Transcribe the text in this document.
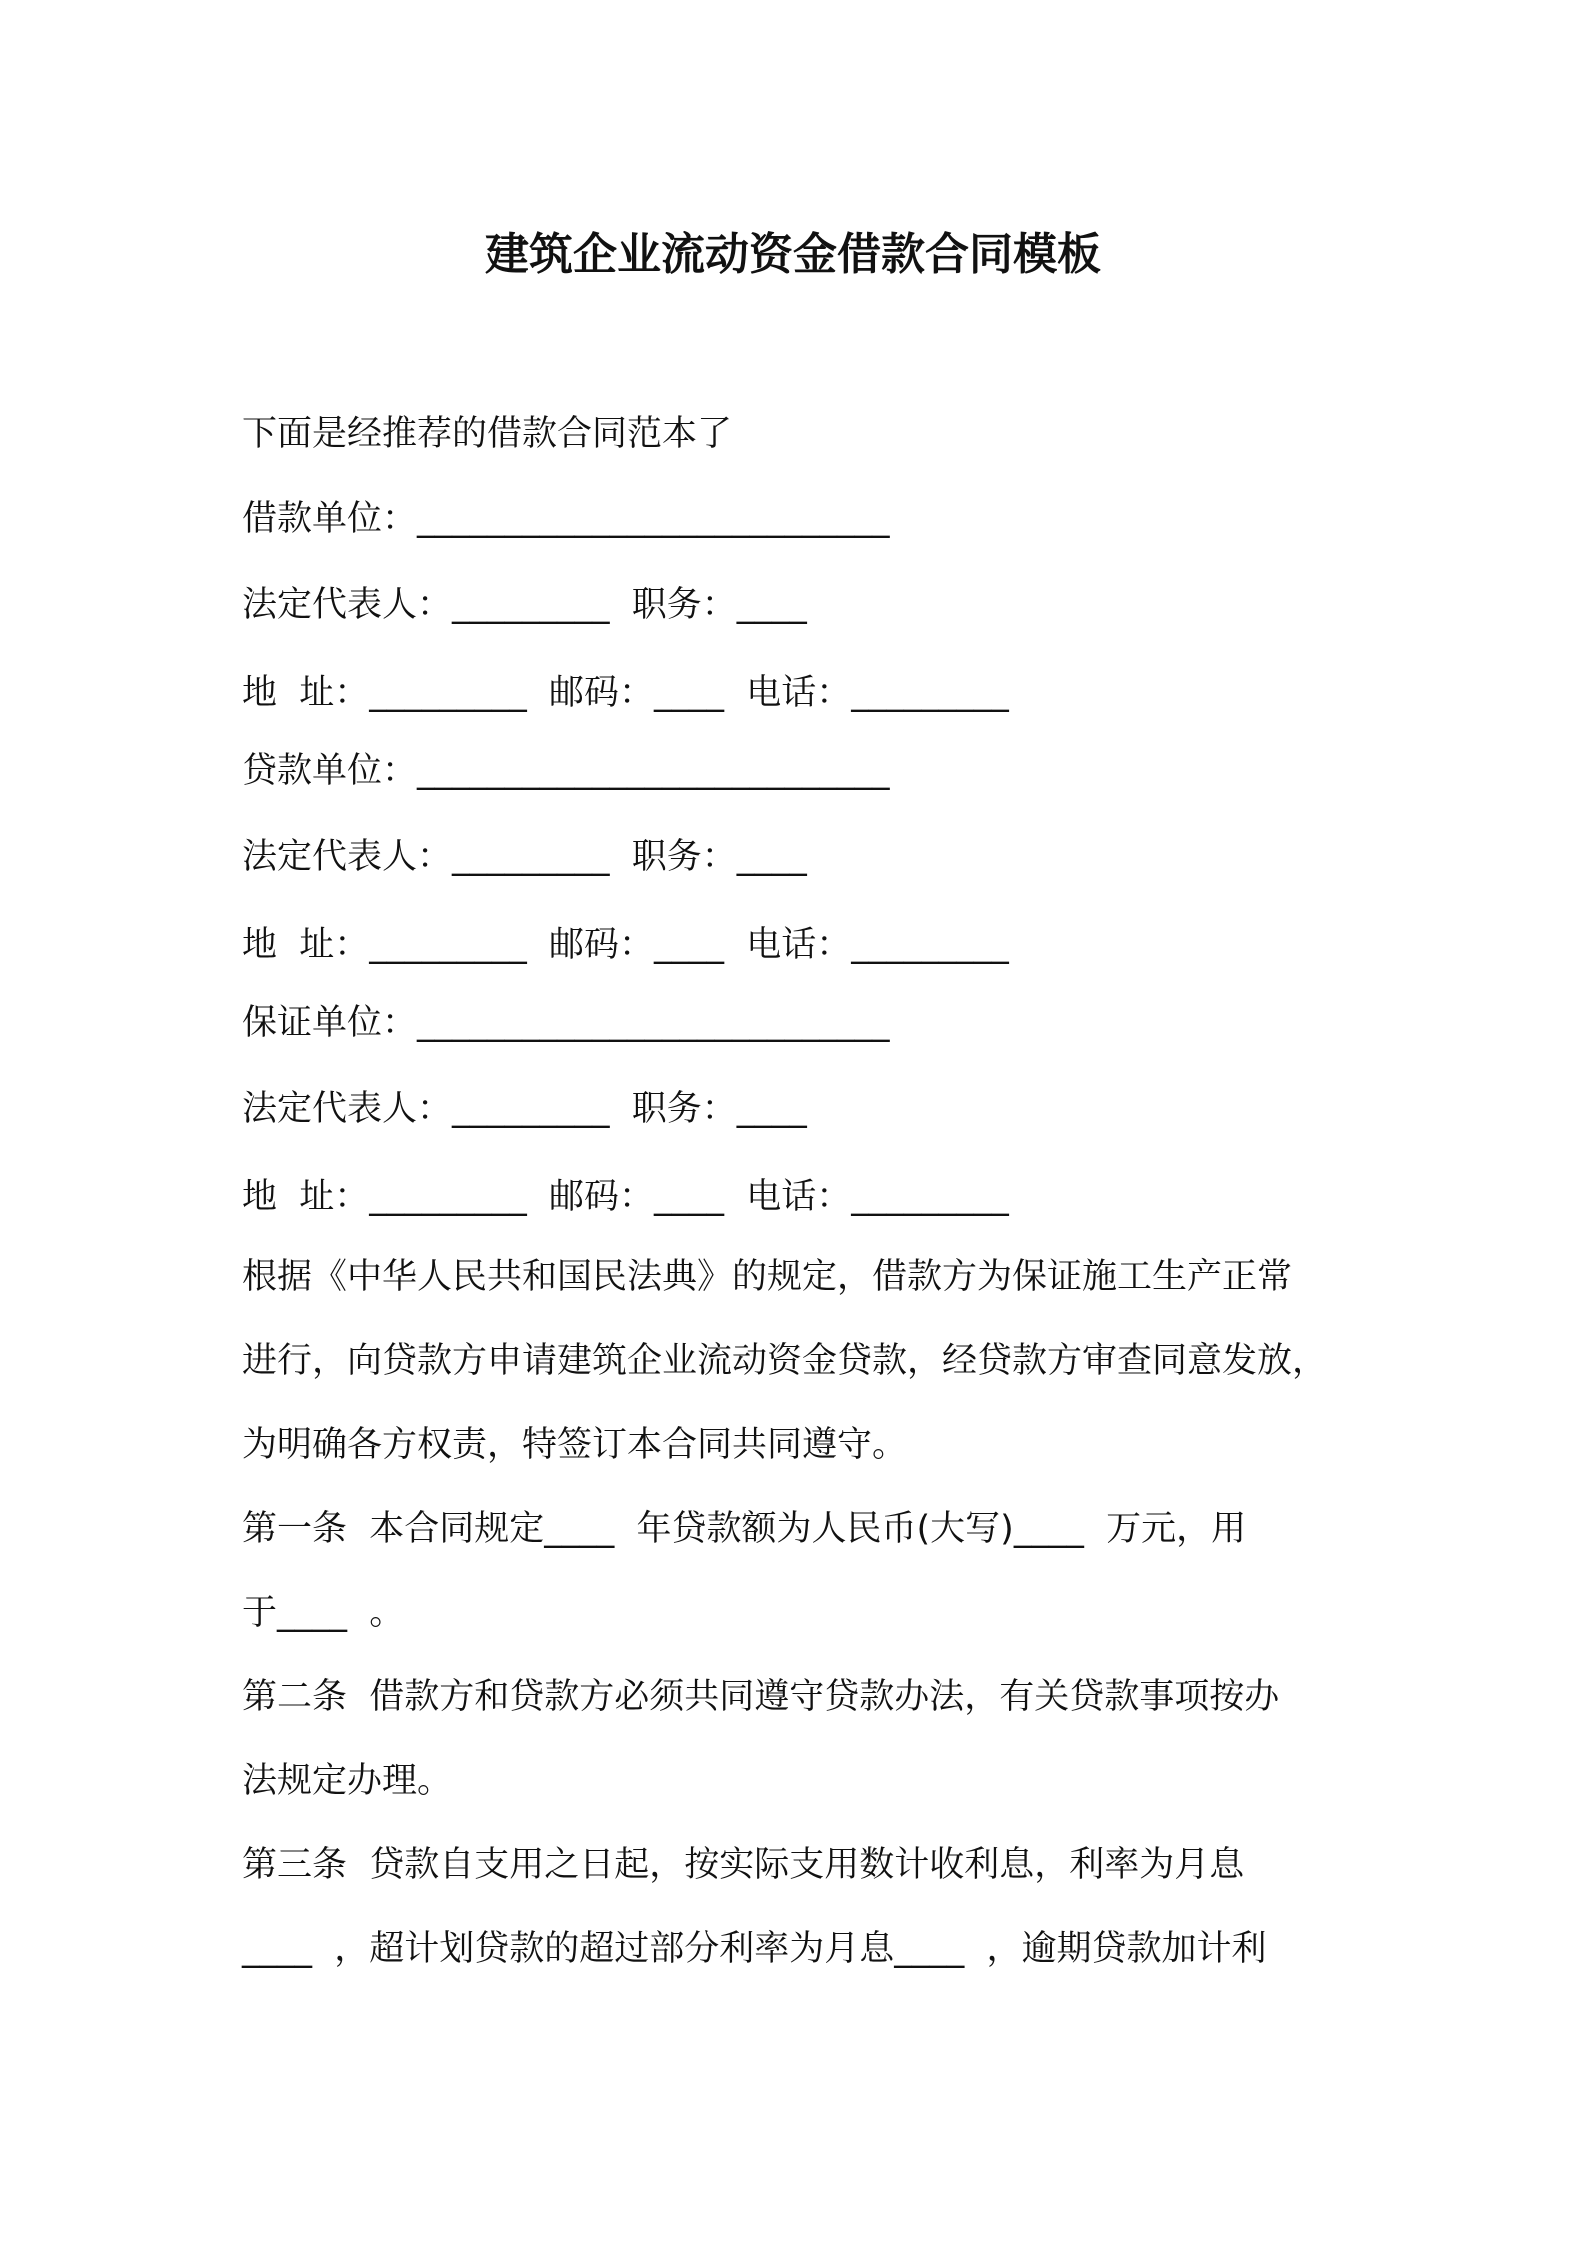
建筑企业流动资金借款合同模板
下面是经推荐的借款合同范本了
借款单位：___________________________
法定代表人：_________  职务：____
地  址：_________  邮码：____  电话：_________
贷款单位：___________________________
法定代表人：_________  职务：____
地  址：_________  邮码：____  电话：_________
保证单位：___________________________
法定代表人：_________  职务：____
地  址：_________  邮码：____  电话：_________
根据《中华人民共和国民法典》的规定，借款方为保证施工生产正常
进行，向贷款方申请建筑企业流动资金贷款，经贷款方审查同意发放，
为明确各方权责，特签订本合同共同遵守。
第一条  本合同规定____  年贷款额为人民币(大写)____  万元，用
于____  。
第二条  借款方和贷款方必须共同遵守贷款办法，有关贷款事项按办
法规定办理。
第三条  贷款自支用之日起，按实际支用数计收利息，利率为月息
____  ，超计划贷款的超过部分利率为月息____  ，逾期贷款加计利
